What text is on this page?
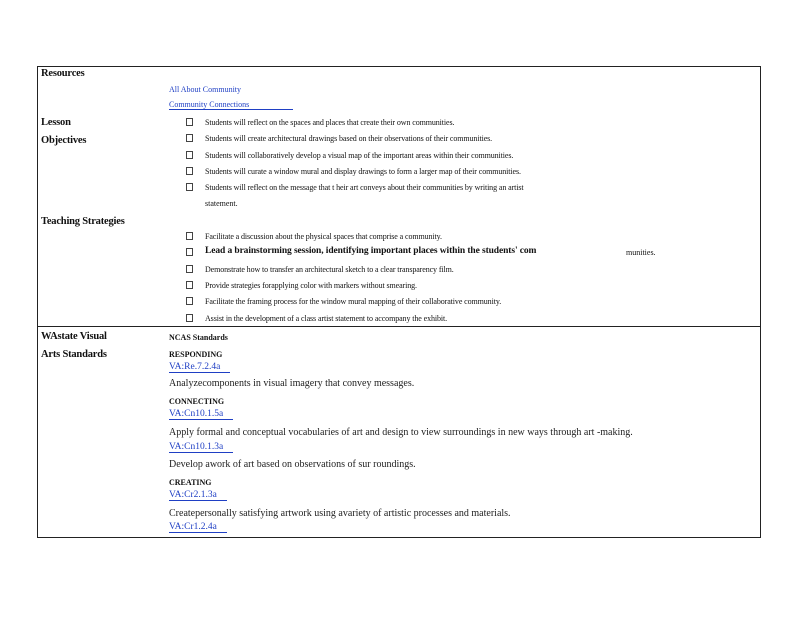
Resources
All About Community
Community Connections
Lesson
Objectives
Students will reflect on the spaces and places that create their own communities.
Students will create architectural drawings based on their observations of their communities.
Students will collaboratively develop a visual map of the important areas within their communities.
Students will curate a window mural and display drawings to form a larger map of their communities.
Students will reflect on the message that t heir art conveys about their communities by writing an artist
statement.
Teaching Strategies
Facilitate a discussion about the physical spaces that comprise a community.
Lead a brainstorming session, identifying important places within the students' com	munities.
Demonstrate how to transfer an architectural sketch to a clear transparency film.
Provide strategies forapplying color with markers without smearing.
Facilitate the framing process for the window mural mapping of their collaborative community.
Assist in the development of a class artist statement to accompany the exhibit.
WAstate Visual
Arts Standards
NCAS Standards
RESPONDING
VA:Re.7.2.4a
Analyzecomponents in visual imagery that convey messages.
CONNECTING
VA:Cn10.1.5a
Apply formal and conceptual vocabularies of art and design to view surroundings in new ways through art -making.
VA:Cn10.1.3a
Develop awork of art based on observations of sur roundings.
CREATING
VA:Cr2.1.3a
Createpersonally satisfying artwork using avariety of artistic processes and materials.
VA:Cr1.2.4a
